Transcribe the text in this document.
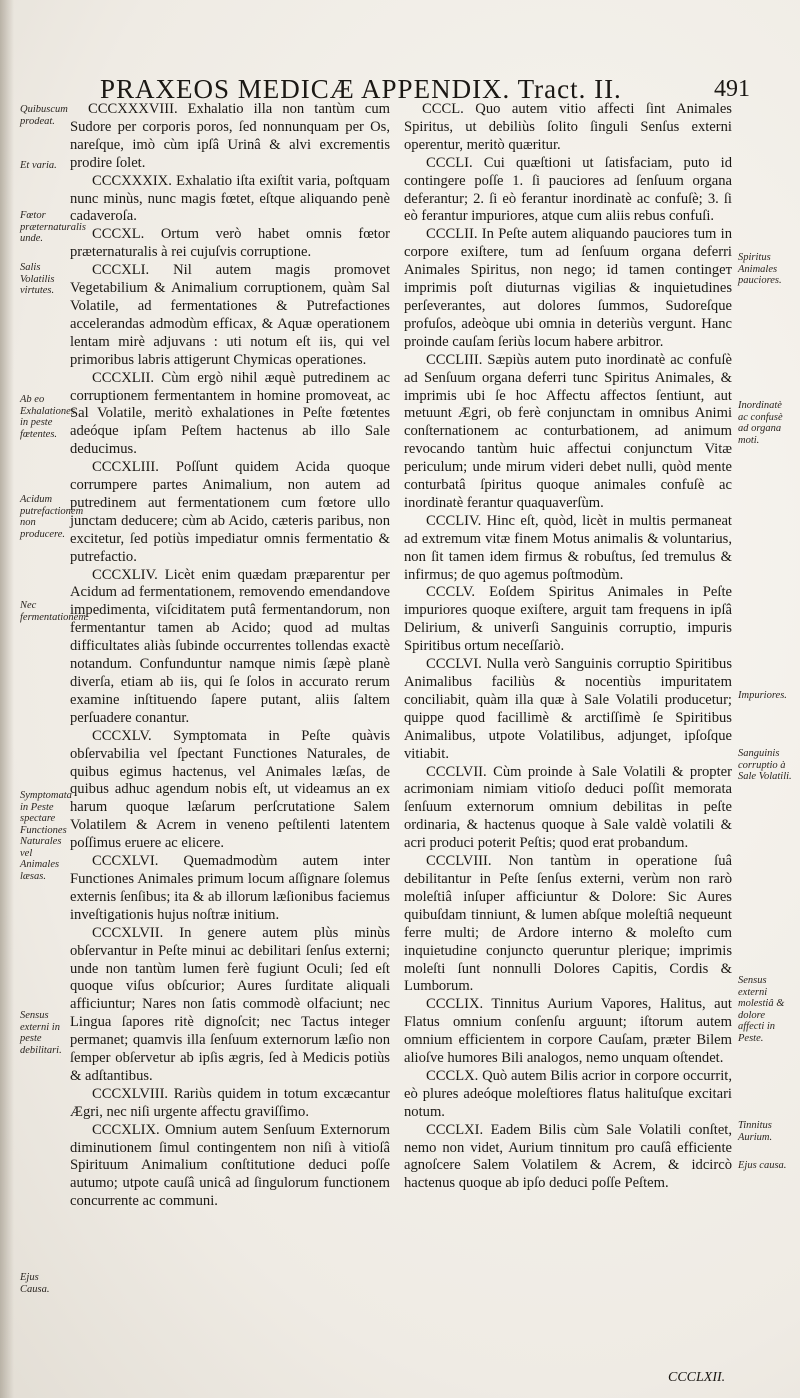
PRAXEOS MEDICÆ APPENDIX. Tract. II.	491

CCCXXXVIII. Exhalatio illa non tantùm cum Sudore per corporis poros, ſed nonnunquam per Os, nareſque, imò cùm ipſâ Urinâ & alvi excrementis prodire ſolet.

CCCXXXIX. Exhalatio iſta exiſtit varia, poſtquam nunc minùs, nunc magis fœtet, eſtque aliquando penè cadaveroſa.

CCCXL. Ortum verò habet omnis fœtor præternaturalis à rei cujuſvis corruptione.

CCCXLI. Nil autem magis promovet Vegetabilium & Animalium corruptionem, quàm Sal Volatile, ad fermentationes & Putrefactiones accelerandas admodùm efficax, & Aquæ operationem lentam mirè adjuvans : uti notum eſt iis, qui vel primoribus labris attigerunt Chymicas operationes.

CCCXLII. Cùm ergò nihil æquè putredinem ac corruptionem fermentantem in homine promoveat, ac Sal Volatile, meritò exhalationes in Peſte fœtentes adeóque ipſam Peſtem hactenus ab illo Sale deducimus.

CCCXLIII. Poſſunt quidem Acida quoque corrumpere partes Animalium, non autem ad putredinem aut fermentationem cum fœtore ullo junctam deducere; cùm ab Acido, cæteris paribus, non excitetur, ſed potiùs impediatur omnis fermentatio & putrefactio.

CCCXLIV. Licèt enim quædam præparentur per Acidum ad fermentationem, removendo emendandove impedimenta, viſciditatem putâ fermentandorum, non fermentantur tamen ab Acido; quod ad multas difficultates aliàs ſubinde occurrentes tollendas exactè notandum. Confunduntur namque nimis ſæpè planè diverſa, etiam ab iis, qui ſe ſolos in accurato rerum examine inſtituendo ſapere putant, aliis ſaltem perſuadere conantur.

CCCXLV. Symptomata in Peſte quàvis obſervabilia vel ſpectant Functiones Naturales, de quibus egimus hactenus, vel Animales læſas, de quibus adhuc agendum nobis eſt, ut videamus an ex harum quoque læſarum perſcrutatione Salem Volatilem & Acrem in veneno peſtilenti latentem poſſimus eruere ac elicere.

CCCXLVI. Quemadmodùm autem inter Functiones Animales primum locum aſſignare ſolemus externis ſenſibus; ita & ab illorum læſionibus faciemus inveſtigationis hujus noſtræ initium.

CCCXLVII. In genere autem plùs minùs obſervantur in Peſte minui ac debilitari ſenſus externi; unde non tantùm lumen ferè fugiunt Oculi; ſed eſt quoque viſus obſcurior; Aures ſurditate aliquali afficiuntur; Nares non ſatis commodè olfaciunt; nec Lingua ſapores ritè dignoſcit; nec Tactus integer permanet; quamvis illa ſenſuum externorum læſio non ſemper obſervetur ab ipſis ægris, ſed à Medicis potiùs & adſtantibus.

CCCXLVIII. Rariùs quidem in totum excæcantur Ægri, nec niſi urgente affectu graviſſimo.

CCCXLIX. Omnium autem Senſuum Externorum diminutionem ſimul contingentem non niſi à vitioſâ Spirituum Animalium conſtitutione deduci poſſe autumo; utpote cauſâ unicâ ad ſingulorum functionem concurrente ac communi.

CCCL. Quo autem vitio affecti ſint Animales Spiritus, ut debiliùs ſolito ſinguli Senſus externi operentur, meritò quæritur.

CCCLI. Cui quæſtioni ut ſatisfaciam, puto id contingere poſſe 1. ſi pauciores ad ſenſuum organa deferantur; 2. ſi eò ferantur inordinatè ac confuſè; 3. ſi eò ferantur impuriores, atque cum aliis rebus confuſi.

CCCLII. In Peſte autem aliquando pauciores tum in corpore exiſtere, tum ad ſenſuum organa deferri Animales Spiritus, non nego; id tamen contingeт imprimis poſt diuturnas vigilias & inquietudines perſeverantes, aut dolores ſummos, Sudoreſque profuſos, adeòque ubi omnia in deteriùs vergunt. Hanc proinde cauſam ſeriùs locum habere arbitror.

CCCLIII. Sæpiùs autem puto inordinatè ac confuſè ad Senſuum organa deferri tunc Spiritus Animales, & imprimis ubi ſe hoc Affectu affectos ſentiunt, aut metuunt Ægri, ob ferè conjunctam in omnibus Animi conſternationem ac conturbationem, ad animum revocando tantùm huic affectui conjunctum Vitæ periculum; unde mirum videri debet nulli, quòd mente conturbatâ ſpiritus quoque animales confuſè ac inordinatè ferantur quaquaverſùm.

CCCLIV. Hinc eſt, quòd, licèt in multis permaneat ad extremum vitæ finem Motus animalis & voluntarius, non ſit tamen idem firmus & robuſtus, ſed tremulus & infirmus; de quo agemus poſtmodùm.

CCCLV. Eoſdem Spiritus Animales in Peſte impuriores quoque exiſtere, arguit tam frequens in ipſâ Delirium, & univerſi Sanguinis corruptio, impuris Spiritibus ortum neceſſariò.

CCCLVI. Nulla verò Sanguinis corruptio Spiritibus Animalibus faciliùs & nocentiùs impuritatem conciliabit, quàm illa quæ à Sale Volatili producetur; quippe quod facillimè & arctiſſimè ſe Spiritibus Animalibus, utpote Volatilibus, adjunget, ipſoſque vitiabit.

CCCLVII. Cùm proinde à Sale Volatili & propter acrimoniam nimiam vitioſo deduci poſſit memorata ſenſuum externorum omnium debilitas in peſte ordinaria, & hactenus quoque à Sale valdè volatili & acri produci poterit Peſtis; quod erat probandum.

CCCLVIII. Non tantùm in operatione ſuâ debilitantur in Peſte ſenſus externi, verùm non rarò moleſtiâ inſuper afficiuntur & Dolore: Sic Aures quibuſdam tinniunt, & lumen abſque moleſtiâ nequeunt ferre multi; de Ardore interno & moleſto cum inquietudine conjuncto queruntur plerique; imprimis moleſti ſunt nonnulli Dolores Capitis, Cordis & Lumborum.

CCCLIX. Tinnitus Aurium Vapores, Halitus, aut Flatus omnium conſenſu arguunt; iſtorum autem omnium efficientem in corpore Cauſam, præter Bilem alioſve humores Bili analogos, nemo unquam oſtendet.

CCCLX. Quò autem Bilis acrior in corpore occurrit, eò plures adeóque moleſtiores flatus halituſque excitari notum.

CCCLXI. Eadem Bilis cùm Sale Volatili conſtet, nemo non videt, Aurium tinnitum pro cauſâ efficiente agnoſcere Salem Volatilem & Acrem, & idcircò hactenus quoque ab ipſo deduci poſſe Peſtem.

Quibuscum prodeat.
Et varia.
Fœtor præternaturalis unde.
Salis Volatilis virtutes.
Ab eo Exhalationes in peste fœtentes.
Acidum putrefactionem non producere.
Nec fermentationem.
Symptomata in Peste spectare Functiones Naturales vel Animales læsas.
Sensus externi in peste debilitari.
Ejus Causa.
Spiritus Animales pauciores.
Inordinatè ac confusè ad organa moti.
Impuriores.
Sanguinis corruptio à Sale Volatili.
Sensus externi molestiâ & dolore affecti in Peste.
Tinnitus Aurium.
Ejus causa.
CCCLXII.
